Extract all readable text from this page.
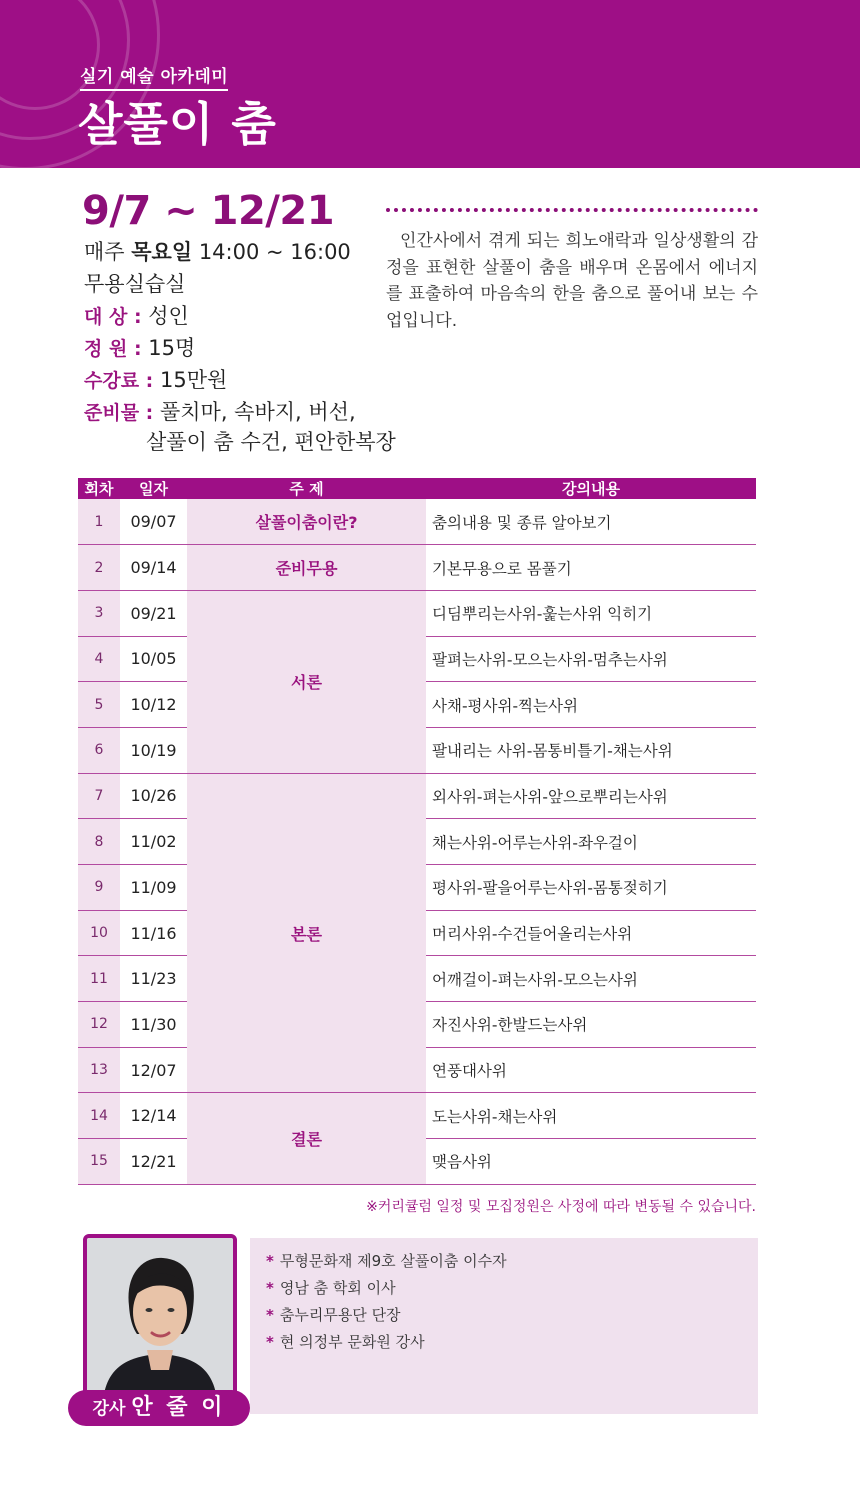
실기 예술 아카데미
살풀이 춤
9/7 ~ 12/21
매주 목요일 14:00 ~ 16:00
무용실습실
대 상 : 성인
정 원 : 15명
수강료 : 15만원
준비물 : 풀치마, 속바지, 버선,
살풀이 춤 수건, 편안한복장

인간사에서 겪게 되는 희노애락과 일상생활의 감정을 표현한 살풀이 춤을 배우며 온몸에서 에너지를 표출하여 마음속의 한을 춤으로 풀어내 보는 수업입니다.

회차	일자	주 제	강의내용
1	09/07	살풀이춤이란?	춤의내용 및 종류 알아보기
2	09/14	준비무용	기본무용으로 몸풀기
3	09/21	서론	디딤뿌리는사위-훑는사위 익히기
4	10/05		팔펴는사위-모으는사위-멈추는사위
5	10/12		사채-평사위-찍는사위
6	10/19		팔내리는 사위-몸통비틀기-채는사위
7	10/26	본론	외사위-펴는사위-앞으로뿌리는사위
8	11/02		채는사위-어루는사위-좌우걸이
9	11/09		평사위-팔을어루는사위-몸통젖히기
10	11/16		머리사위-수건들어올리는사위
11	11/23		어깨걸이-펴는사위-모으는사위
12	11/30		자진사위-한발드는사위
13	12/07		연풍대사위
14	12/14	결론	도는사위-채는사위
15	12/21		맺음사위
※커리큘럼 일정 및 모집정원은 사정에 따라 변동될 수 있습니다.
강사 안 줄 이
* 무형문화재 제9호 살풀이춤 이수자
* 영남 춤 학회 이사
* 춤누리무용단 단장
* 현 의정부 문화원 강사
